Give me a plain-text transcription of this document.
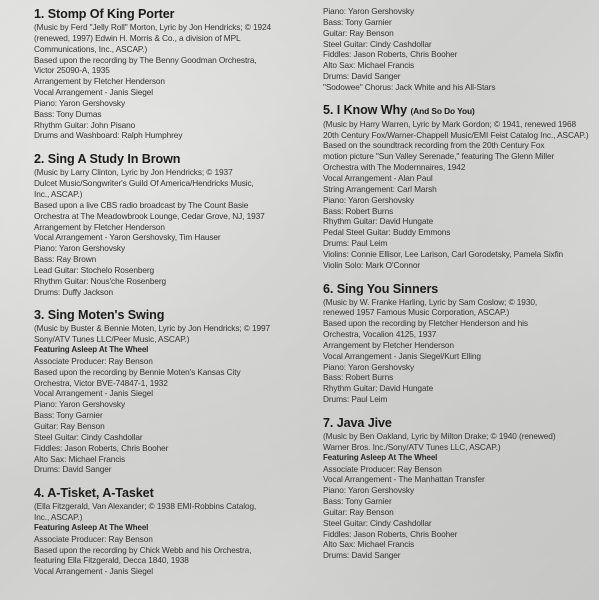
1. Stomp Of King Porter
(Music by Ferd "Jelly Roll" Morton, Lyric by Jon Hendricks; © 1924
(renewed, 1997) Edwin H. Morris & Co., a division of MPL
Communications, Inc., ASCAP.)
Based upon the recording by The Benny Goodman Orchestra,
Victor 25090-A, 1935
Arrangement by Fletcher Henderson
Vocal Arrangement - Janis Siegel
Piano: Yaron Gershovsky
Bass: Tony Dumas
Rhythm Guitar: John Pisano
Drums and Washboard: Ralph Humphrey
2. Sing A Study In Brown
(Music by Larry Clinton, Lyric by Jon Hendricks; © 1937
Dulcet Music/Songwriter's Guild Of America/Hendricks Music,
Inc., ASCAP.)
Based upon a live CBS radio broadcast by The Count Basie
Orchestra at The Meadowbrook Lounge, Cedar Grove, NJ, 1937
Arrangement by Fletcher Henderson
Vocal Arrangement - Yaron Gershovsky, Tim Hauser
Piano: Yaron Gershovsky
Bass: Ray Brown
Lead Guitar: Stochelo Rosenberg
Rhythm Guitar: Nous'che Rosenberg
Drums: Duffy Jackson
3. Sing Moten's Swing
(Music by Buster & Bennie Moten, Lyric by Jon Hendricks; © 1997
Sony/ATV Tunes LLC/Peer Music, ASCAP.)
Featuring Asleep At The Wheel
Associate Producer: Ray Benson
Based upon the recording by Bennie Moten's Kansas City
Orchestra, Victor BVE-74847-1, 1932
Vocal Arrangement - Janis Siegel
Piano: Yaron Gershovsky
Bass: Tony Garnier
Guitar: Ray Benson
Steel Guitar: Cindy Cashdollar
Fiddles: Jason Roberts, Chris Booher
Alto Sax: Michael Francis
Drums: David Sanger
4. A-Tisket, A-Tasket
(Ella Fitzgerald, Van Alexander; © 1938 EMI-Robbins Catalog,
Inc., ASCAP.)
Featuring Asleep At The Wheel
Associate Producer: Ray Benson
Based upon the recording by Chick Webb and his Orchestra,
featuring Ella Fitzgerald, Decca 1840, 1938
Vocal Arrangement - Janis Siegel
Piano: Yaron Gershovsky
Bass: Tony Garnier
Guitar: Ray Benson
Steel Guitar: Cindy Cashdollar
Fiddles: Jason Roberts, Chris Booher
Alto Sax: Michael Francis
Drums: David Sanger
"Sodowee" Chorus: Jack White and his All-Stars
5. I Know Why (And So Do You)
(Music by Harry Warren, Lyric by Mark Gordon; © 1941, renewed 1968
20th Century Fox/Warner-Chappell Music/EMI Feist Catalog Inc., ASCAP.)
Based on the soundtrack recording from the 20th Century Fox
motion picture "Sun Valley Serenade," featuring The Glenn Miller
Orchestra with The Modernnaires, 1942
Vocal Arrangement - Alan Paul
String Arrangement: Carl Marsh
Piano: Yaron Gershovsky
Bass: Robert Burns
Rhythm Guitar: David Hungate
Pedal Steel Guitar: Buddy Emmons
Drums: Paul Leim
Violins: Connie Ellisor, Lee Larison, Carl Gorodetsky, Pamela Sixfin
Violin Solo: Mark O'Connor
6. Sing You Sinners
(Music by W. Franke Harling, Lyric by Sam Coslow; © 1930,
renewed 1957 Famous Music Corporation, ASCAP.)
Based upon the recording by Fletcher Henderson and his
Orchestra, Vocalion 4125, 1937
Arrangement by Fletcher Henderson
Vocal Arrangement - Janis Siegel/Kurt Elling
Piano: Yaron Gershovsky
Bass: Robert Burns
Rhythm Guitar: David Hungate
Drums: Paul Leim
7. Java Jive
(Music by Ben Oakland, Lyric by Milton Drake; © 1940 (renewed)
Warner Bros. Inc./Sony/ATV Tunes LLC, ASCAP.)
Featuring Asleep At The Wheel
Associate Producer: Ray Benson
Vocal Arrangement - The Manhattan Transfer
Piano: Yaron Gershovsky
Bass: Tony Garnier
Guitar: Ray Benson
Steel Guitar: Cindy Cashdollar
Fiddles: Jason Roberts, Chris Booher
Alto Sax: Michael Francis
Drums: David Sanger
